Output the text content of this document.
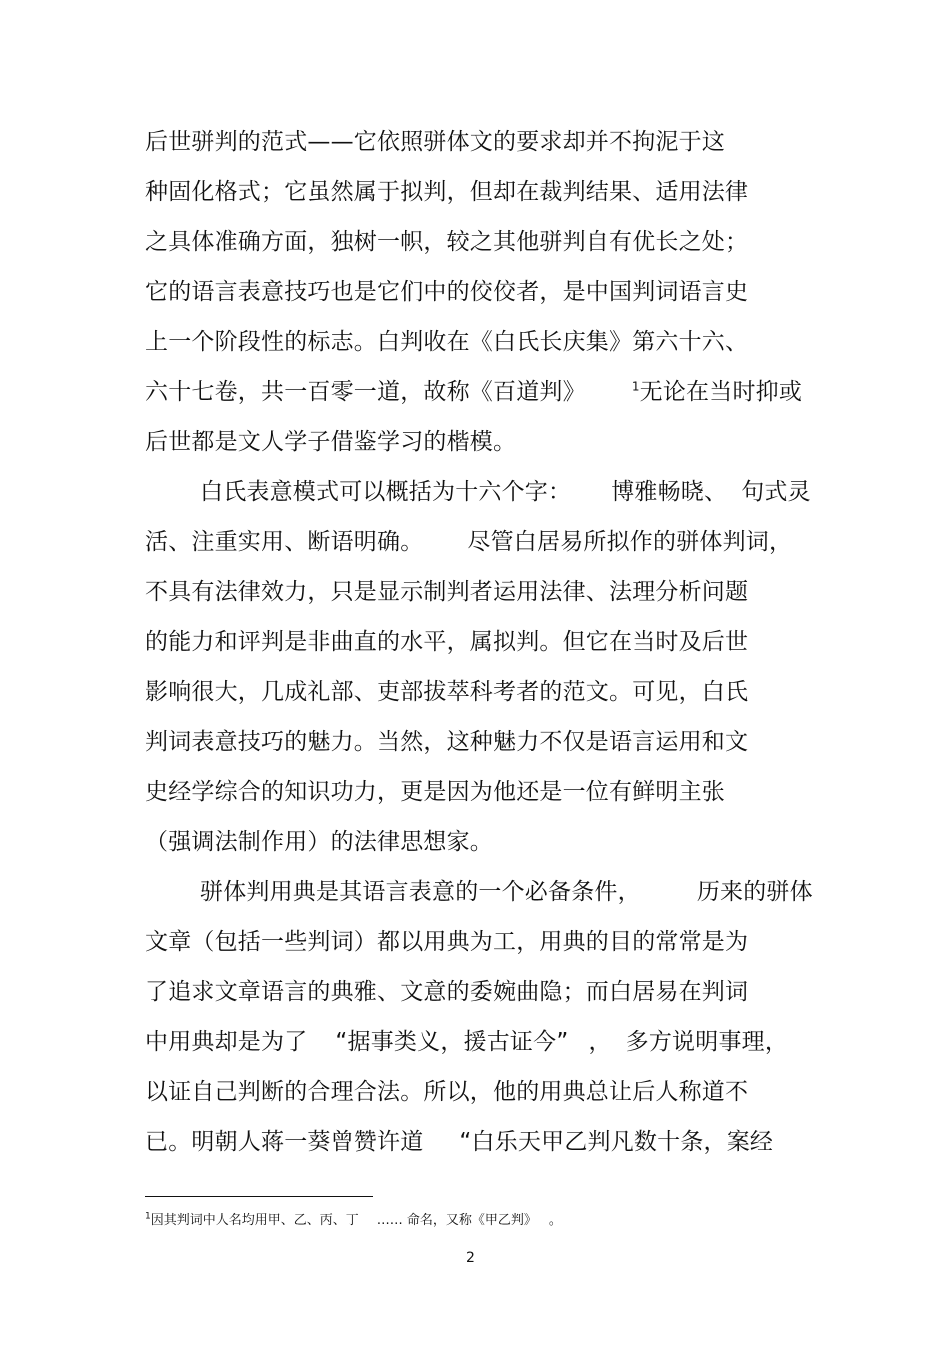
后世骈判的范式——它依照骈体文的要求却并不拘泥于这
种固化格式；它虽然属于拟判，但却在裁判结果、适用法律
之具体准确方面，独树一帜，较之其他骈判自有优长之处；
它的语言表意技巧也是它们中的佼佼者，是中国判词语言史
上一个阶段性的标志。白判收在《白氏长庆集》第六十六、
六十七卷，共一百零一道，故称《百道判》	$^1$无论在当时抑或
后世都是文人学子借鉴学习的楷模。
白氏表意模式可以概括为十六个字： 博雅畅晓、 句式灵
活、注重实用、断语明确。 尽管白居易所拟作的骈体判词，
不具有法律效力，只是显示制判者运用法律、法理分析问题
的能力和评判是非曲直的水平，属拟判。但它在当时及后世
影响很大，几成礼部、吏部拔萃科考者的范文。可见，白氏
判词表意技巧的魅力。当然，这种魅力不仅是语言运用和文
史经学综合的知识功力，更是因为他还是一位有鲜明主张
（强调法制作用）的法律思想家。
骈体判用典是其语言表意的一个必备条件， 历来的骈体
文章（包括一些判词）都以用典为工，用典的目的常常是为
了追求文章语言的典雅、文意的委婉曲隐；而白居易在判词
中用典却是为了 “据事类义，援古证今” ， 多方说明事理，
以证自己判断的合理合法。所以，他的用典总让后人称道不
已。明朝人蒋一葵曾赞许道 “白乐天甲乙判凡数十条，案经
$^1$因其判词中人名均用甲、乙、丙、丁 …… 命名，又称《甲乙判》 。
2
